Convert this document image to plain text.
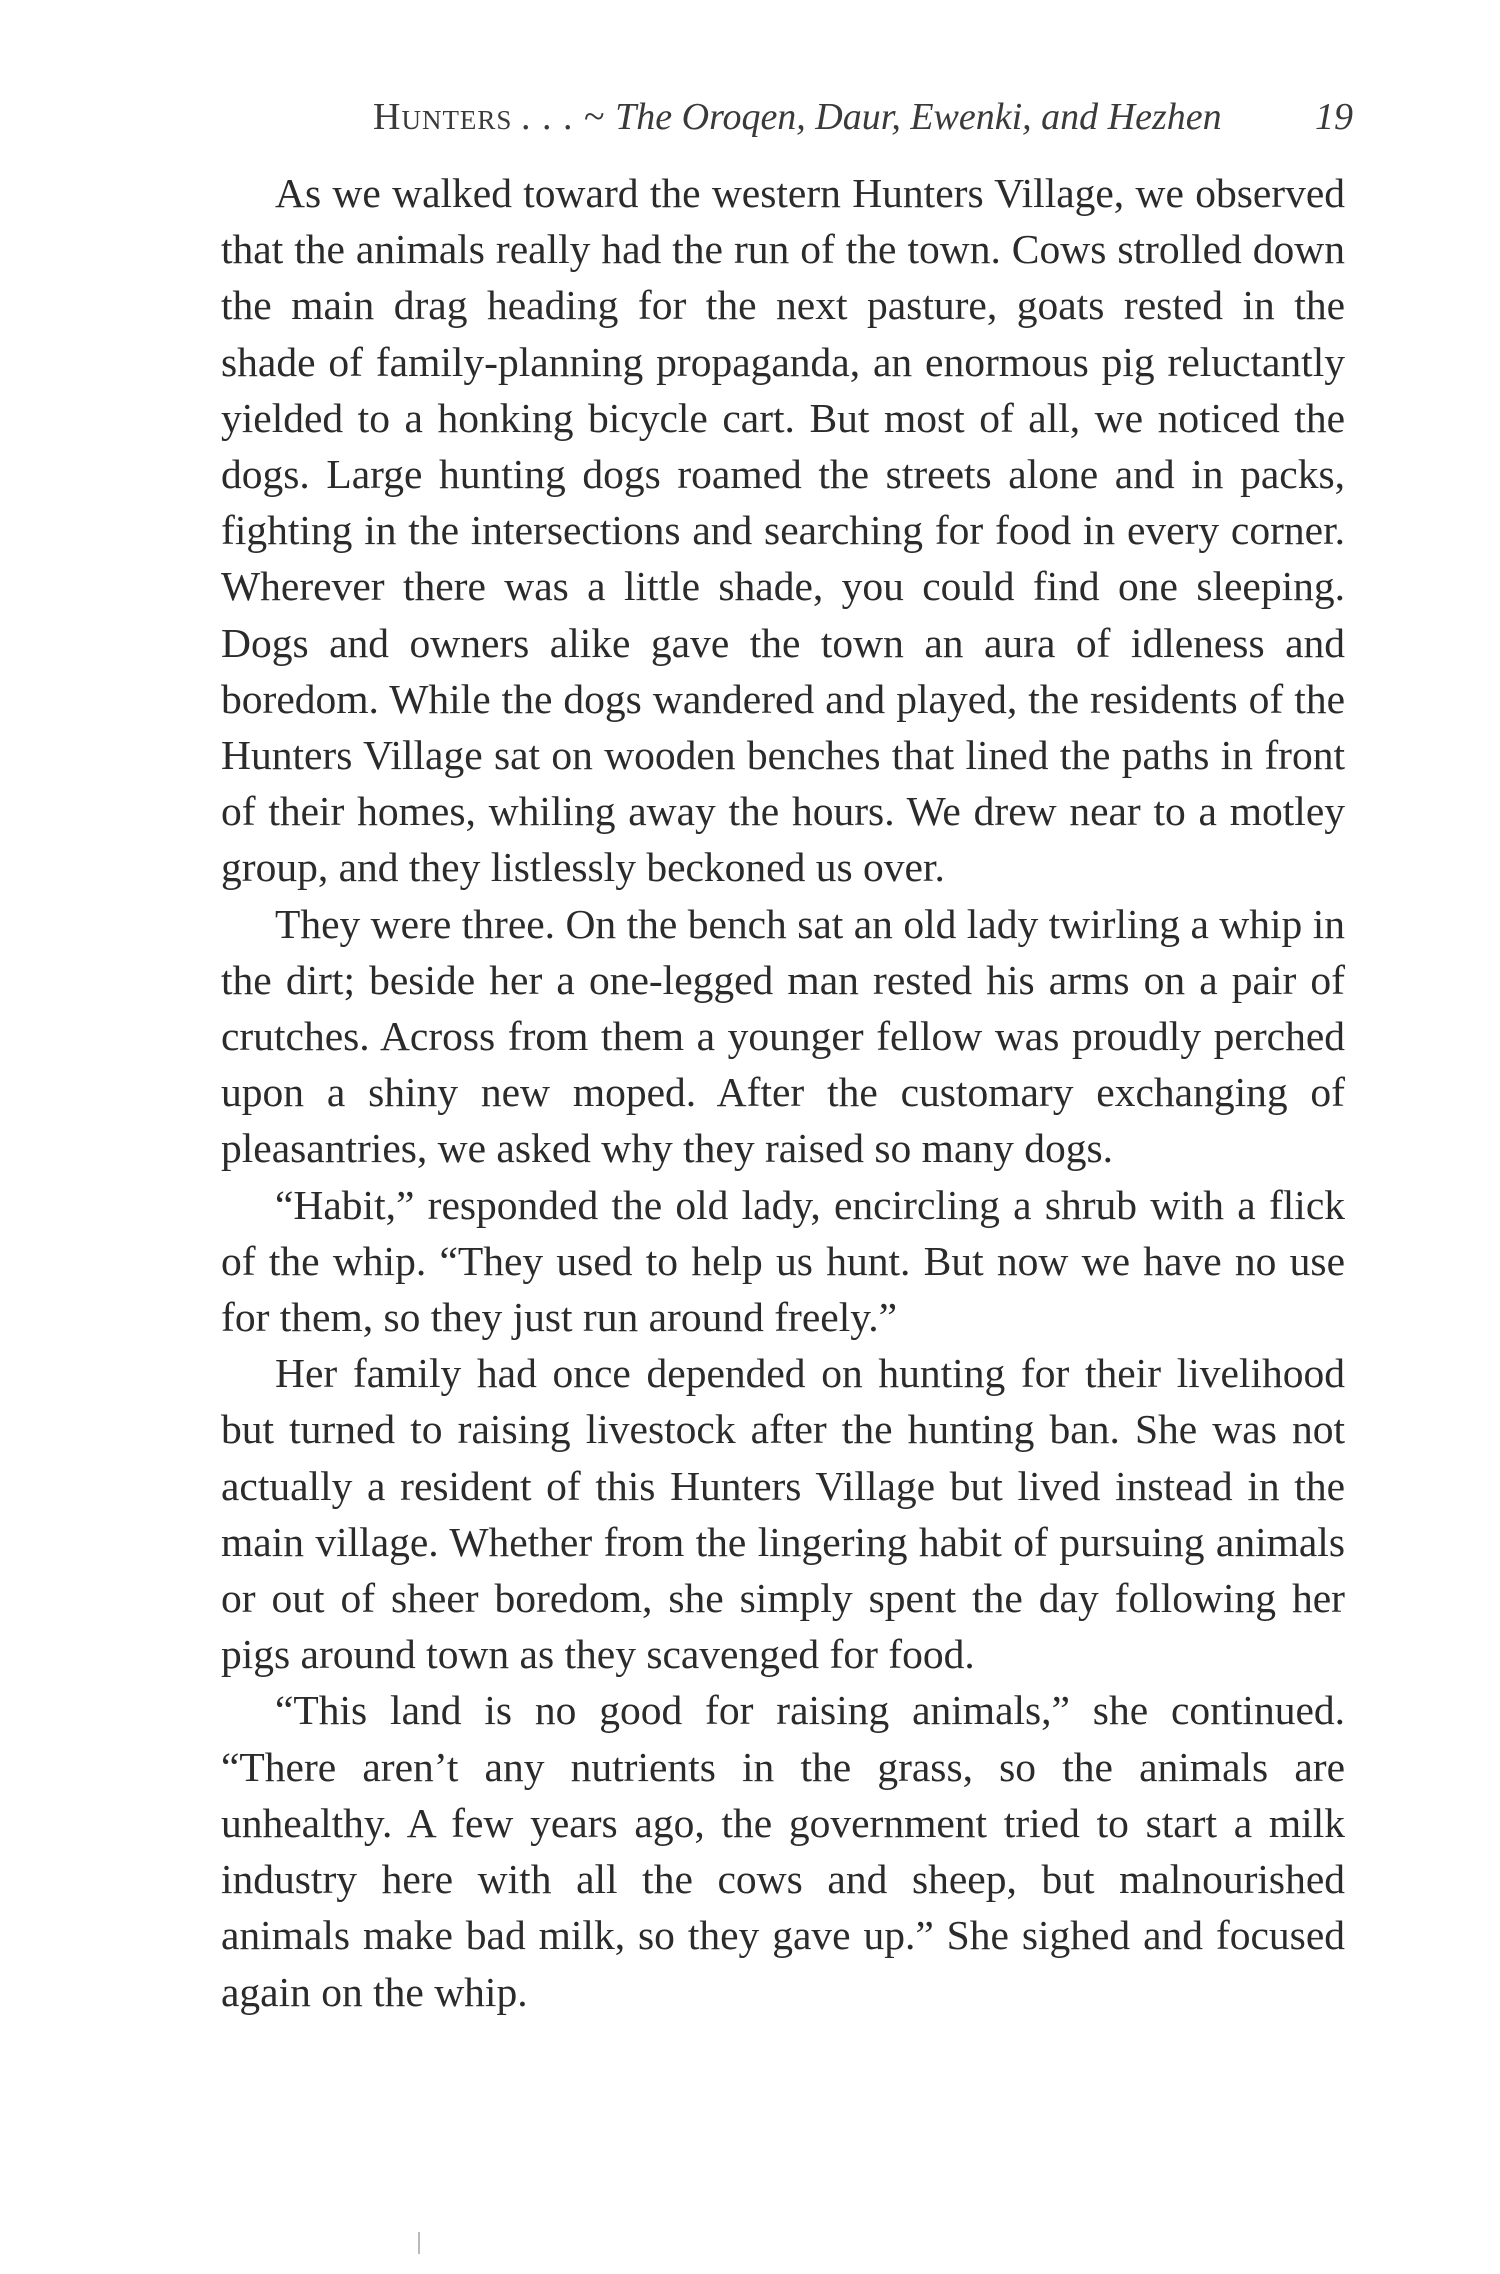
Hunters . . . ~ The Oroqen, Daur, Ewenki, and Hezhen 19

As we walked toward the western Hunters Village, we observed that the animals really had the run of the town. Cows strolled down the main drag heading for the next pasture, goats rested in the shade of family-planning propaganda, an enormous pig reluctantly yielded to a honking bicycle cart. But most of all, we noticed the dogs. Large hunting dogs roamed the streets alone and in packs, fighting in the intersections and searching for food in every corner. Wherever there was a little shade, you could find one sleeping. Dogs and owners alike gave the town an aura of idleness and boredom. While the dogs wandered and played, the residents of the Hunters Village sat on wooden benches that lined the paths in front of their homes, whiling away the hours. We drew near to a motley group, and they listlessly beckoned us over.

They were three. On the bench sat an old lady twirling a whip in the dirt; beside her a one-legged man rested his arms on a pair of crutches. Across from them a younger fellow was proudly perched upon a shiny new moped. After the customary exchanging of pleasantries, we asked why they raised so many dogs.

“Habit,” responded the old lady, encircling a shrub with a flick of the whip. “They used to help us hunt. But now we have no use for them, so they just run around freely.”

Her family had once depended on hunting for their livelihood but turned to raising livestock after the hunting ban. She was not actually a resident of this Hunters Village but lived instead in the main village. Whether from the lingering habit of pursuing animals or out of sheer boredom, she simply spent the day following her pigs around town as they scavenged for food.

“This land is no good for raising animals,” she continued. “There aren’t any nutrients in the grass, so the animals are unhealthy. A few years ago, the government tried to start a milk industry here with all the cows and sheep, but malnourished animals make bad milk, so they gave up.” She sighed and focused again on the whip.
